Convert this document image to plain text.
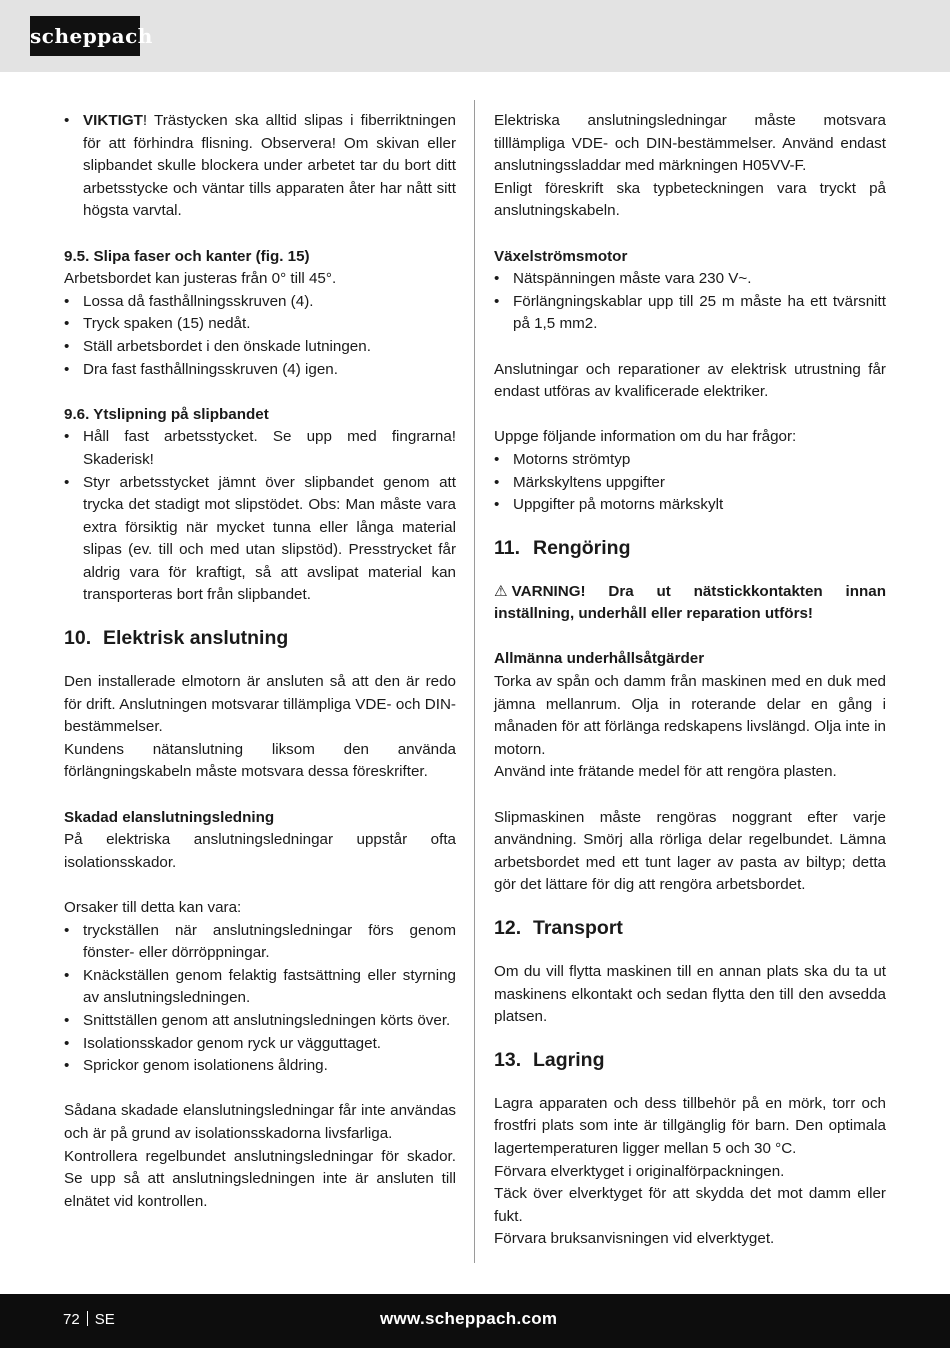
scheppach
• VIKTIGT! Trästycken ska alltid slipas i fiberriktningen för att förhindra flisning. Observera! Om skivan eller slipbandet skulle blockera under arbetet tar du bort ditt arbetsstycke och väntar tills apparaten åter har nått sitt högsta varvtal.

9.5. Slipa faser och kanter (fig. 15)

Arbetsbordet kan justeras från 0° till 45°.

• Lossa då fasthållningsskruven (4).
• Tryck spaken (15) nedåt.
• Ställ arbetsbordet i den önskade lutningen.
• Dra fast fasthållningsskruven (4) igen.

9.6. Ytslipning på slipbandet

• Håll fast arbetsstycket. Se upp med fingrarna! Skaderisk!
• Styr arbetsstycket jämnt över slipbandet genom att trycka det stadigt mot slipstödet. Obs: Man måste vara extra försiktig när mycket tunna eller långa material slipas (ev. till och med utan slipstöd). Presstrycket får aldrig vara för kraftigt, så att avslipat material kan transporteras bort från slipbandet.

10. Elektrisk anslutning

Den installerade elmotorn är ansluten så att den är redo för drift. Anslutningen motsvarar tillämpliga VDE- och DIN-bestämmelser.

Kundens nätanslutning liksom den använda förlängningskabeln måste motsvara dessa föreskrifter.

Skadad elanslutningsledning

På elektriska anslutningsledningar uppstår ofta isolationsskador.

Orsaker till detta kan vara:

• tryckställen när anslutningsledningar förs genom fönster- eller dörröppningar.
• Knäckställen genom felaktig fastsättning eller styrning av anslutningsledningen.
• Snittställen genom att anslutningsledningen körts över.
• Isolationsskador genom ryck ur vägguttaget.
• Sprickor genom isolationens åldring.

Sådana skadade elanslutningsledningar får inte användas och är på grund av isolationsskadorna livsfarliga.

Kontrollera regelbundet anslutningsledningar för skador. Se upp så att anslutningsledningen inte är ansluten till elnätet vid kontrollen.

Elektriska anslutningsledningar måste motsvara tilllämpliga VDE- och DIN-bestämmelser. Använd endast anslutningssladdar med märkningen H05VV-F.

Enligt föreskrift ska typbeteckningen vara tryckt på anslutningskabeln.

Växelströmsmotor

• Nätspänningen måste vara 230 V~.
• Förlängningskablar upp till 25 m måste ha ett tvärsnitt på 1,5 mm2.

Anslutningar och reparationer av elektrisk utrustning får endast utföras av kvalificerade elektriker.

Uppge följande information om du har frågor:

• Motorns strömtyp
• Märkskyltens uppgifter
• Uppgifter på motorns märkskylt

11. Rengöring

⚠ VARNING! Dra ut nätstickkontakten innan inställning, underhåll eller reparation utförs!

Allmänna underhållsåtgärder

Torka av spån och damm från maskinen med en duk med jämna mellanrum. Olja in roterande delar en gång i månaden för att förlänga redskapens livslängd. Olja inte in motorn.

Använd inte frätande medel för att rengöra plasten.

Slipmaskinen måste rengöras noggrant efter varje användning. Smörj alla rörliga delar regelbundet. Lämna arbetsbordet med ett tunt lager av pasta av biltyp; detta gör det lättare för dig att rengöra arbetsbordet.

12. Transport

Om du vill flytta maskinen till en annan plats ska du ta ut maskinens elkontakt och sedan flytta den till den avsedda platsen.

13. Lagring

Lagra apparaten och dess tillbehör på en mörk, torr och frostfri plats som inte är tillgänglig för barn. Den optimala lagertemperaturen ligger mellan 5 och 30 °C.

Förvara elverktyget i originalförpackningen.

Täck över elverktyget för att skydda det mot damm eller fukt.

Förvara bruksanvisningen vid elverktyget.

72 SE	www.scheppach.com
